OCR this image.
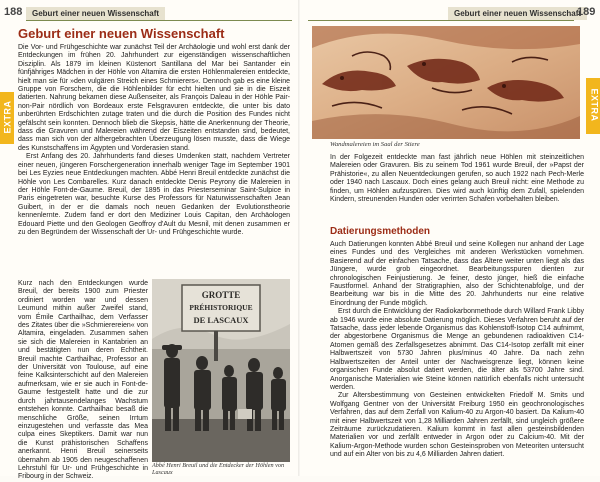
188	Geburt einer neuen Wissenschaft
EXTRA
Geburt einer neuen Wissenschaft

Die Vor- und Frühgeschichte war zunächst Teil der Archäologie und wohl erst dank der Entdeckungen im frühen 20. Jahrhundert zur eigenständigen wissenschaftlichen Disziplin. Als 1879 im kleinen Küstenort Santillana del Mar bei Santander ein fünfjähriges Mädchen in der Höhle von Altamira die ersten Höhlenmalereien entdeckte, hielt man sie für »den vulgären Streich eines Schmierers«. Dennoch gab es eine kleine Gruppe von Forschern, die die Höhlenbilder für echt hielten und sie in die Eiszeit datierten. Nahrung bekamen diese Außenseiter, als François Daleau in der Höhle Pair-non-Pair nördlich von Bordeaux erste Felsgravuren entdeckte, die unter bis dato unberührten Erdschichten zutage traten und die durch die Position des Fundes nicht gefälscht sein konnten. Dennoch blieb die Skepsis, hätte die Anerkennung der Theorie, dass die Gravuren und Malereien während der Eiszeiten entstanden sind, bedeutet, dass man sich von der althergebrachten Überzeugung lösen musste, dass die Wiege des Kunstschaffens im Ägypten und Vorderasien stand.

Erst Anfang des 20. Jahrhunderts fand dieses Umdenken statt, nachdem Vertreter einer neuen, jüngeren Forschergeneration innerhalb weniger Tage im September 1901 bei Les Eyzies neue Entdeckungen machten. Abbé Henri Breuil entdeckte zunächst die Höhle von Les Combarelles. Kurz danach entdeckte Denis Peyrony die Malereien in der Höhle Font-de-Gaume. Breuil, der 1895 in das Priesterseminar Saint-Sulpice in Paris eingetreten war, besuchte Kurse des Professors für Naturwissenschaften Jean Guibert, in der er die damals noch neuen Gedanken der Evolutionstheorie kennenlernte. Zudem fand er dort den Mediziner Louis Capitan, den Archäologen Edouard Piette und den Geologen Geoffroy d'Ault du Mesnil, mit denen zusammen er zu den Begründern der Wissenschaft der Ur- und Frühgeschichte wurde.

Kurz nach den Entdeckungen wurde Breuil, der bereits 1900 zum Priester ordiniert worden war und dessen Leumund mithin außer Zweifel stand, vom Émile Carthailhac, dem Verfasser des Zitates über die »Schmierereien« von Altamira, eingeladen. Zusammen sahen sie sich die Malereien in Kantabrien an und bestätigten nun deren Echtheit. Breuil machte Carthailhac, Professor an der Universität von Toulouse, auf eine feine Kalksinterschicht auf den Malereien aufmerksam, wie er sie auch in Font-de-Gaume festgestellt hatte und die zur durch jahrtausendelanges Wachstum entstehen konnte. Carthailhac besaß die menschliche Größe, seinen Irrtum einzugestehen und verfasste das Mea culpa eines Skeptikers. Damit war nun die Kunst prähistorischen Schaffens anerkannt. Henri Breuil seinerseits übernahm ab 1905 den neugeschaffenen Lehrstuhl für Ur- und Frühgeschichte in Fribourg in der Schweiz.

GROTTE
PRÉHISTORIQUE
DE LASCAUX
Abbé Henri Breuil und die Entdecker der Höhlen von Lascaux
Geburt einer neuen Wissenschaft
189
EXTRA
Wandmalereien im Saal der Stiere

In der Folgezeit entdeckte man fast jährlich neue Höhlen mit steinzeitlichen Malereien oder Gravuren. Bis zu seinem Tod 1961 wurde Breuil, der »Papst der Prähistorie«, zu allen Neuentdeckungen gerufen, so auch 1922 nach Pech-Merle oder 1940 nach Lascaux. Doch eines gelang auch Breuil nicht: eine Methode zu finden, um Höhlen aufzuspüren. Dies wird auch künftig dem Zufall, spielenden Kindern, streunenden Hunden oder verirrten Schafen vorbehalten bleiben.

Datierungsmethoden

Auch Datierungen konnten Abbé Breuil und seine Kollegen nur anhand der Lage eines Fundes und des Vergleiches mit anderen Werkstücken vornehmen. Basierend auf der einfachen Tatsache, dass das Ältere weiter unten liegt als das Jüngere, wurde grob eingeordnet. Bearbeitungsspuren dienten zur chronologischen Feinjustierung. Je feiner, desto jünger, hieß die einfache Faustformel. Anhand der Stratigraphien, also der Schichtenabfolge, und der Bearbeitung war bis in die Mitte des 20. Jahrhunderts nur eine relative Einordnung der Funde möglich.

Erst durch die Entwicklung der Radiokarbonmethode durch Willard Frank Libby ab 1946 wurde eine absolute Datierung möglich. Dieses Verfahren beruht auf der Tatsache, dass jeder lebende Organismus das Kohlenstoff-Isotop C14 aufnimmt, der abgestorbene Organismus die Menge an gebundenen radioaktiven C14-Atomen gemäß des Zerfallsgesetzes abnimmt. Das C14-Isotop zerfällt mit einer Halbwertszeit von 5730 Jahren plus/minus 40 Jahre. Da nach zehn Halbwertszeiten der Anteil unter der Nachweisgrenze liegt, können keine organischen Funde absolut datiert werden, die älter als 53700 Jahre sind. Anorganische Materialien wie Steine können natürlich ebenfalls nicht untersucht werden.

Zur Altersbestimmung von Gesteinen entwickelten Friedolf M. Smits und Wolfgang Gentner von der Universität Freiburg 1950 ein geochronologisches Verfahren, das auf dem Zerfall von Kalium-40 zu Argon-40 basiert. Da Kalium-40 mit einer Halbwertszeit von 1,28 Milliarden Jahren zerfällt, sind ungleich größere Zeiträume zurückzudatieren. Kalium kommt in fast allen gesteinsbildenden Materialien vor und zerfällt entweder in Argon oder zu Calcium-40. Mit der Kalium-Argon-Methode wurden schon Gesteinsproben von Meteoriten untersucht und auf ein Alter von bis zu 4,6 Milliarden Jahren datiert.
